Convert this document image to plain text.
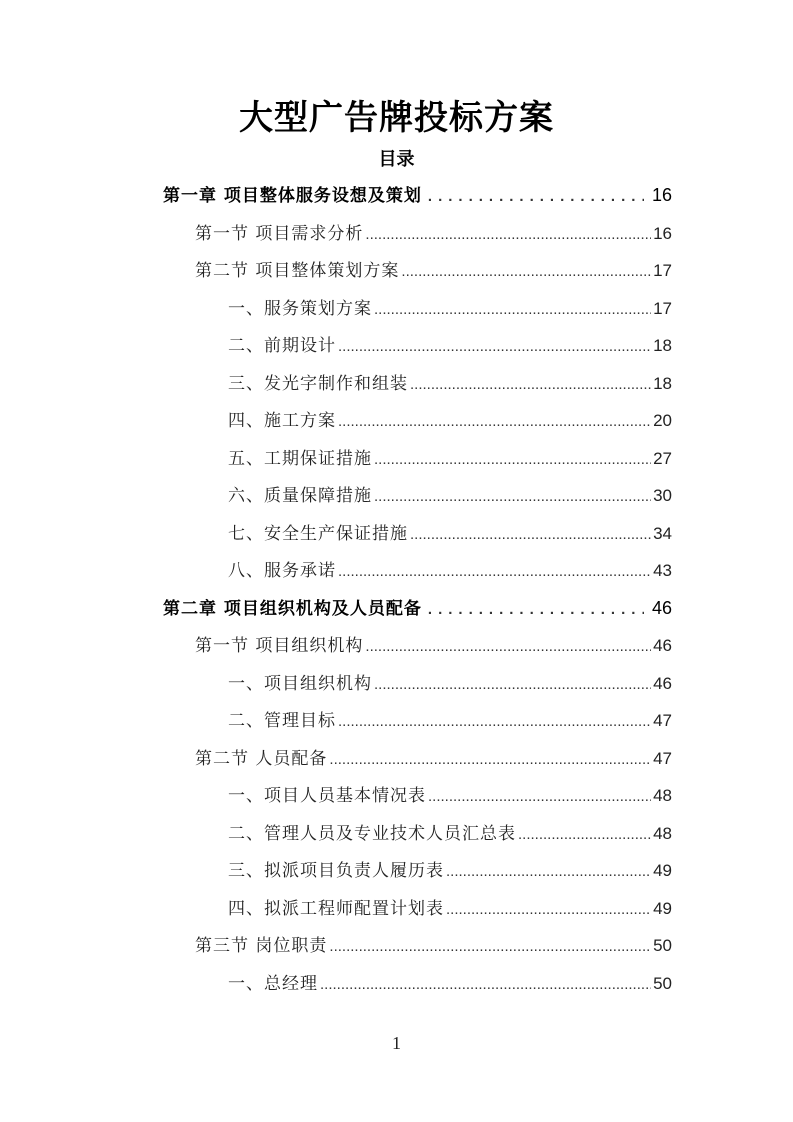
大型广告牌投标方案
目录
第一章 项目整体服务设想及策划 .....	16
第一节 项目需求分析 .....	16
第二节 项目整体策划方案 .....	17
一、服务策划方案 .....	17
二、前期设计 .....	18
三、发光字制作和组装 .....	18
四、施工方案 .....	20
五、工期保证措施 .....	27
六、质量保障措施 .....	30
七、安全生产保证措施 .....	34
八、服务承诺 .....	43
第二章 项目组织机构及人员配备 .....	46
第一节 项目组织机构 .....	46
一、项目组织机构 .....	46
二、管理目标 .....	47
第二节 人员配备 .....	47
一、项目人员基本情况表 .....	48
二、管理人员及专业技术人员汇总表 .....	48
三、拟派项目负责人履历表 .....	49
四、拟派工程师配置计划表 .....	49
第三节 岗位职责 .....	50
一、总经理 .....	50
1
